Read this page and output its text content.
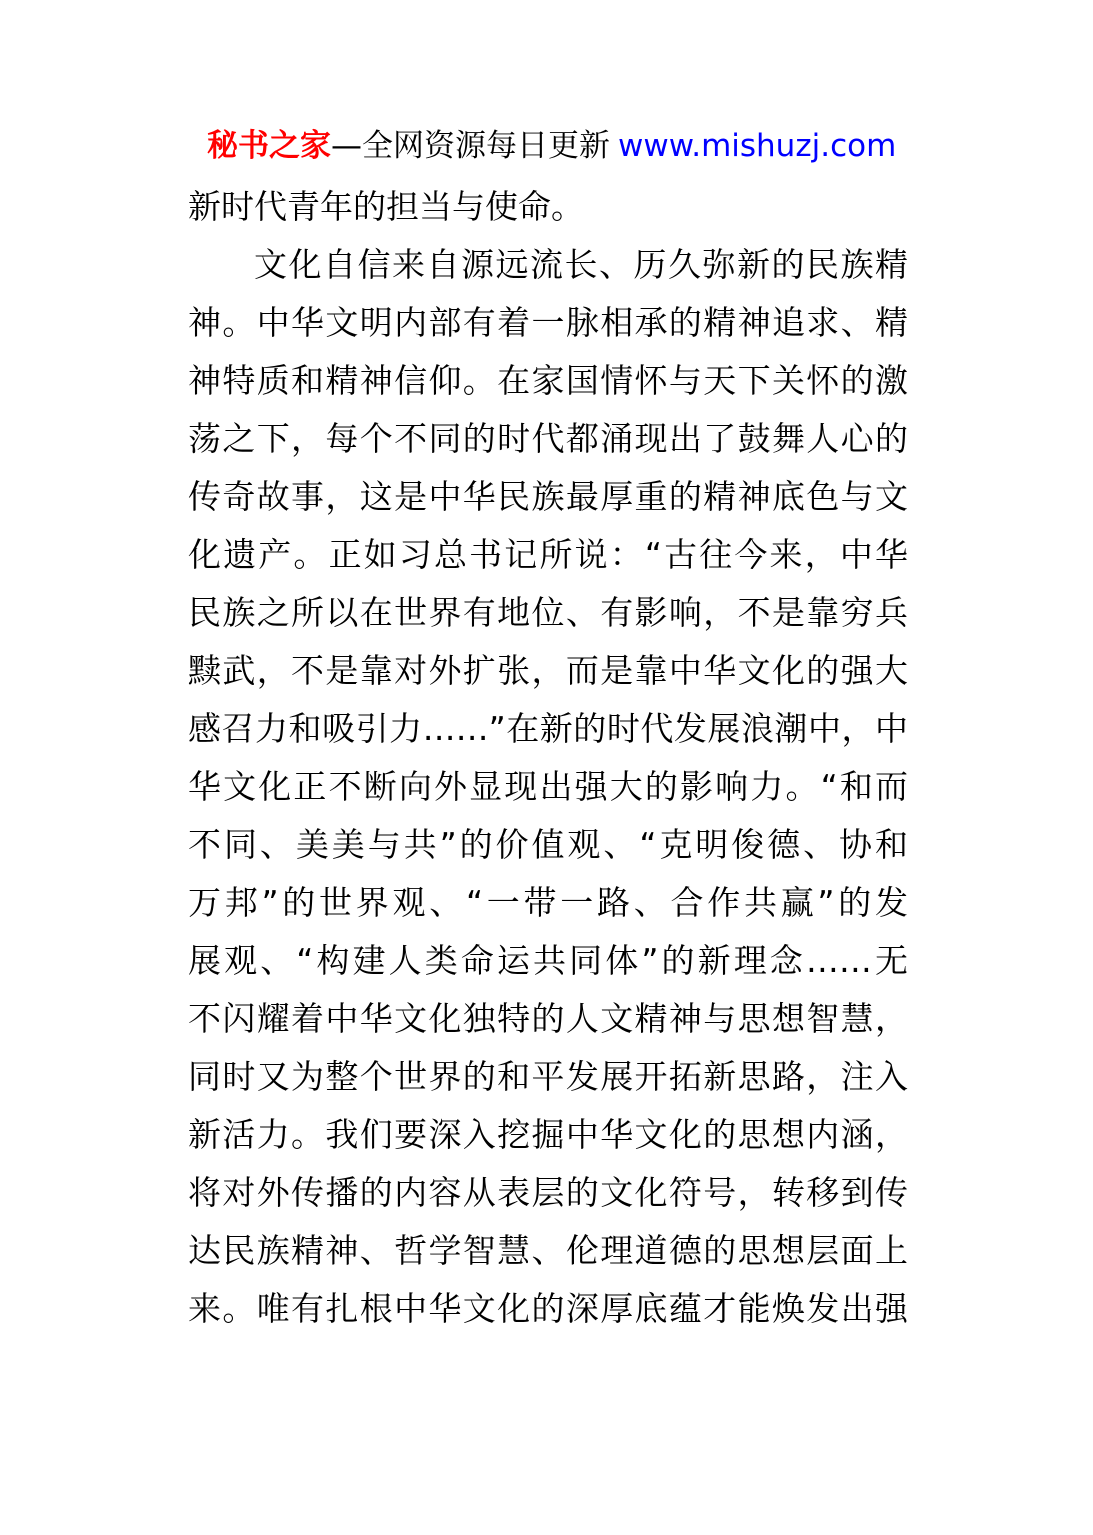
秘书之家—全网资源每日更新 www.mishuzj.com
新时代青年的担当与使命。
文化自信来自源远流长、历久弥新的民族精
神。中华文明内部有着一脉相承的精神追求、精
神特质和精神信仰。在家国情怀与天下关怀的激
荡之下，每个不同的时代都涌现出了鼓舞人心的
传奇故事，这是中华民族最厚重的精神底色与文
化遗产。正如习总书记所说：“古往今来，中华
民族之所以在世界有地位、有影响，不是靠穷兵
黩武，不是靠对外扩张，而是靠中华文化的强大
感召力和吸引力……”在新的时代发展浪潮中，中
华文化正不断向外显现出强大的影响力。“和而
不同、美美与共”的价值观、“克明俊德、协和
万邦”的世界观、“一带一路、合作共赢”的发
展观、“构建人类命运共同体”的新理念……无
不闪耀着中华文化独特的人文精神与思想智慧，
同时又为整个世界的和平发展开拓新思路，注入
新活力。我们要深入挖掘中华文化的思想内涵，
将对外传播的内容从表层的文化符号，转移到传
达民族精神、哲学智慧、伦理道德的思想层面上
来。唯有扎根中华文化的深厚底蕴才能焕发出强
